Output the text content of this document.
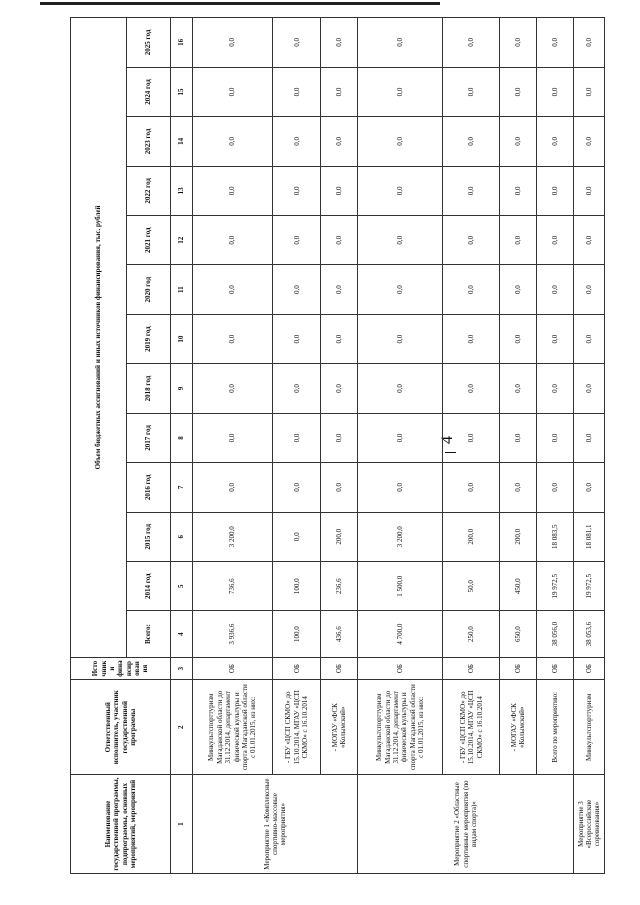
4
Наименование государственной программы, подпрограммы, основных мероприятий, мероприятий	Ответственный исполнитель, участник государственной программы	Источники финансирования	Объем бюджетных ассигнований и иных источников финансирования, тыс. рублей												
			Всего:	2014 год	2015 год	2016 год	2017 год	2018 год	2019 год	2020 год	2021 год	2022 год	2023 год	2024 год	2025 год
1	2	3	4	5	6	7	8	9	10	11	12	13	14	15	16
Мероприятие 1 «Комплексные спортивно-массовые мероприятия»	Минкультспорттуризм Магаданской области до 31.12.2014, департамент физической культуры и спорта Магаданской области с 01.01.2015, из них:	ОБ	3 936,6	736,6	3 200,0	0,0	0,0	0,0	0,0	0,0	0,0	0,0	0,0	0,0	0,0
	- ГБУ «ЦСП СКМО» до 15.10.2014, МГАУ «ЦСП СКМО» с 16.10.2014	ОБ	100,0	100,0	0,0	0,0	0,0	0,0	0,0	0,0	0,0	0,0	0,0	0,0	0,0
	- МОГАУ «ФСК «Колымский»	ОБ	436,6	236,6	200,0	0,0	0,0	0,0	0,0	0,0	0,0	0,0	0,0	0,0	0,0
Мероприятие 2 «Областные спортивные мероприятия (по видам спорта)»	Минкультспорттуризм Магаданской области до 31.12.2014, департамент физической культуры и спорта Магаданской области с 01.01.2015, из них:	ОБ	4 700,0	1 500,0	3 200,0	0,0	0,0	0,0	0,0	0,0	0,0	0,0	0,0	0,0	0,0
	- ГБУ «ЦСП СКМО» до 15.10.2014, МГАУ «ЦСП СКМО» с 16.10.2014	ОБ	250,0	50,0	200,0	0,0	0,0	0,0	0,0	0,0	0,0	0,0	0,0	0,0	0,0
	- МОГАУ «ФСК «Колымский»	ОБ	650,0	450,0	200,0	0,0	0,0	0,0	0,0	0,0	0,0	0,0	0,0	0,0	0,0
	Всего по мероприятию:	ОБ	38 056,0	19 972,5	18 083,5	0,0	0,0	0,0	0,0	0,0	0,0	0,0	0,0	0,0	0,0
Мероприятие 3 «Всероссийские соревнования»	Минкультспорттуризм	ОБ	38 053,6	19 972,5	18 081,1	0,0	0,0	0,0	0,0	0,0	0,0	0,0	0,0	0,0	0,0
